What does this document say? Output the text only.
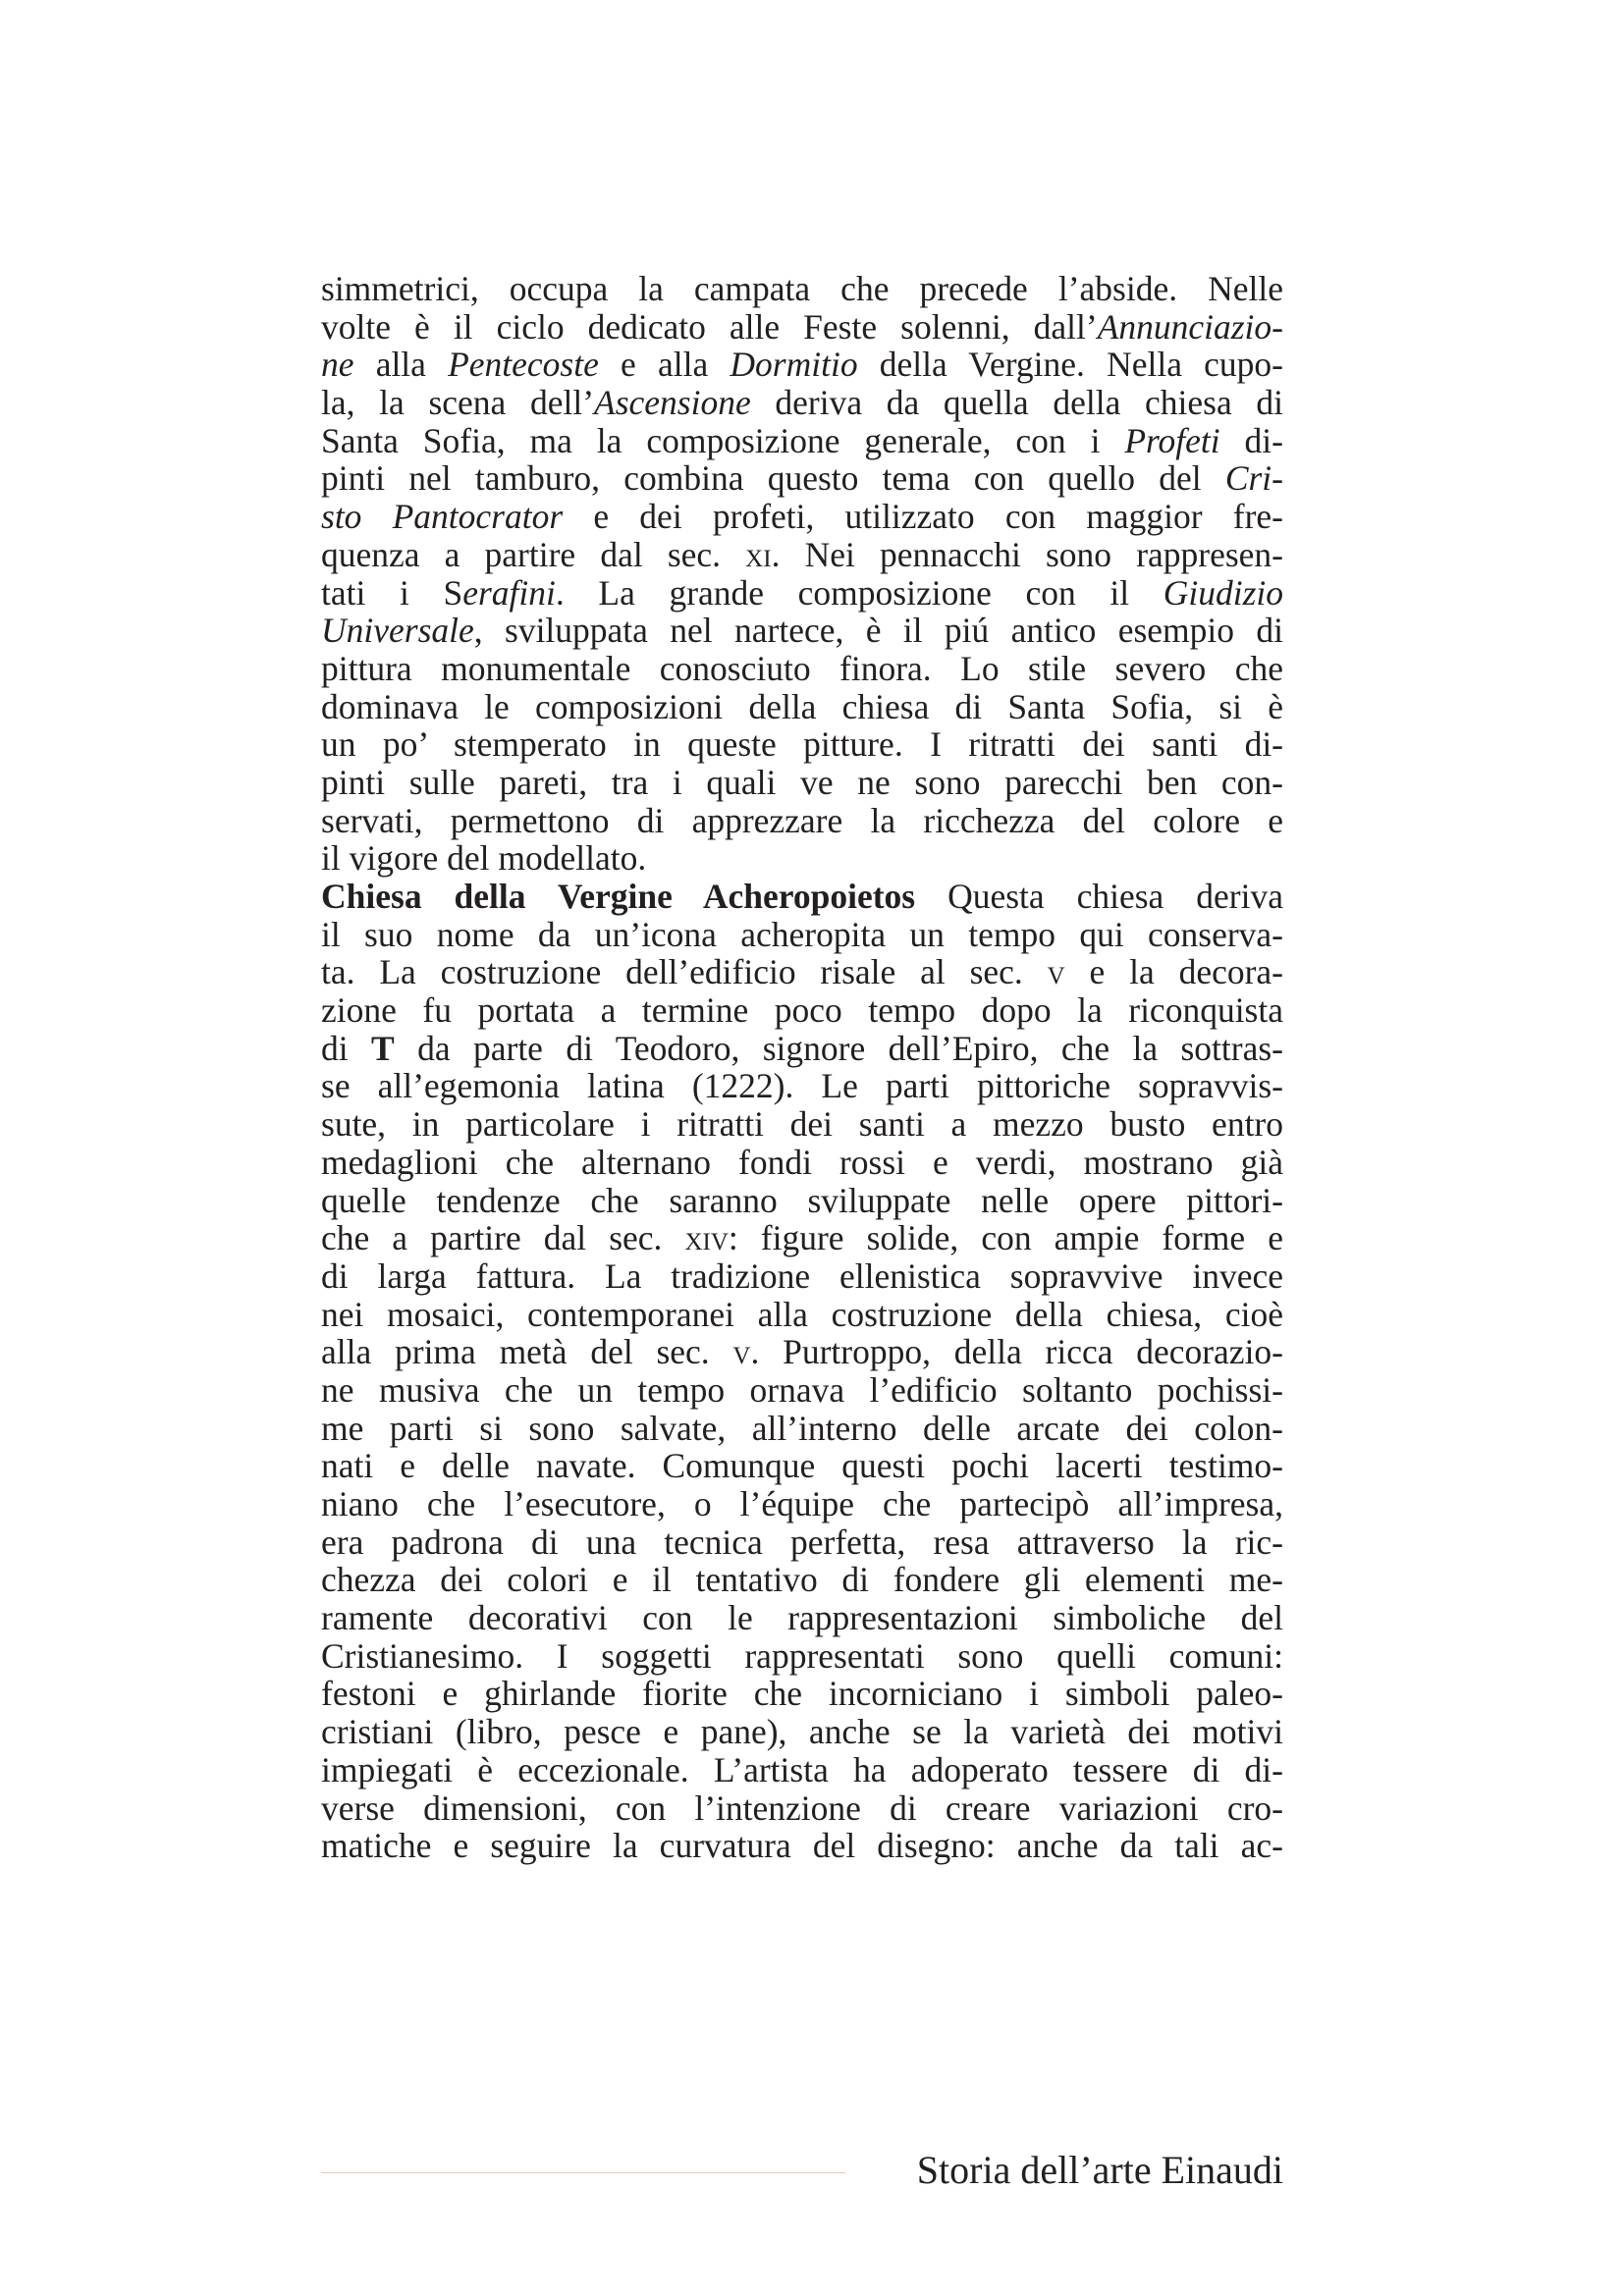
simmetrici, occupa la campata che precede l’abside. Nelle
volte è il ciclo dedicato alle Feste solenni, dall’Annunciazio-
ne alla Pentecoste e alla Dormitio della Vergine. Nella cupo-
la, la scena dell’Ascensione deriva da quella della chiesa di
Santa Sofia, ma la composizione generale, con i Profeti di-
pinti nel tamburo, combina questo tema con quello del Cri-
sto Pantocrator e dei profeti, utilizzato con maggior fre-
quenza a partire dal sec. xi. Nei pennacchi sono rappresen-
tati i Serafini. La grande composizione con il Giudizio
Universale, sviluppata nel nartece, è il piú antico esempio di
pittura monumentale conosciuto finora. Lo stile severo che
dominava le composizioni della chiesa di Santa Sofia, si è
un po’ stemperato in queste pitture. I ritratti dei santi di-
pinti sulle pareti, tra i quali ve ne sono parecchi ben con-
servati, permettono di apprezzare la ricchezza del colore e
il vigore del modellato.
Chiesa della Vergine Acheropoietos Questa chiesa deriva
il suo nome da un’icona acheropita un tempo qui conserva-
ta. La costruzione dell’edificio risale al sec. v e la decora-
zione fu portata a termine poco tempo dopo la riconquista
di T da parte di Teodoro, signore dell’Epiro, che la sottras-
se all’egemonia latina (1222). Le parti pittoriche sopravvis-
sute, in particolare i ritratti dei santi a mezzo busto entro
medaglioni che alternano fondi rossi e verdi, mostrano già
quelle tendenze che saranno sviluppate nelle opere pittori-
che a partire dal sec. xiv: figure solide, con ampie forme e
di larga fattura. La tradizione ellenistica sopravvive invece
nei mosaici, contemporanei alla costruzione della chiesa, cioè
alla prima metà del sec. v. Purtroppo, della ricca decorazio-
ne musiva che un tempo ornava l’edificio soltanto pochissi-
me parti si sono salvate, all’interno delle arcate dei colon-
nati e delle navate. Comunque questi pochi lacerti testimo-
niano che l’esecutore, o l’équipe che partecipò all’impresa,
era padrona di una tecnica perfetta, resa attraverso la ric-
chezza dei colori e il tentativo di fondere gli elementi me-
ramente decorativi con le rappresentazioni simboliche del
Cristianesimo. I soggetti rappresentati sono quelli comuni:
festoni e ghirlande fiorite che incorniciano i simboli paleo-
cristiani (libro, pesce e pane), anche se la varietà dei motivi
impiegati è eccezionale. L’artista ha adoperato tessere di di-
verse dimensioni, con l’intenzione di creare variazioni cro-
matiche e seguire la curvatura del disegno: anche da tali ac-
Storia dell’arte Einaudi
